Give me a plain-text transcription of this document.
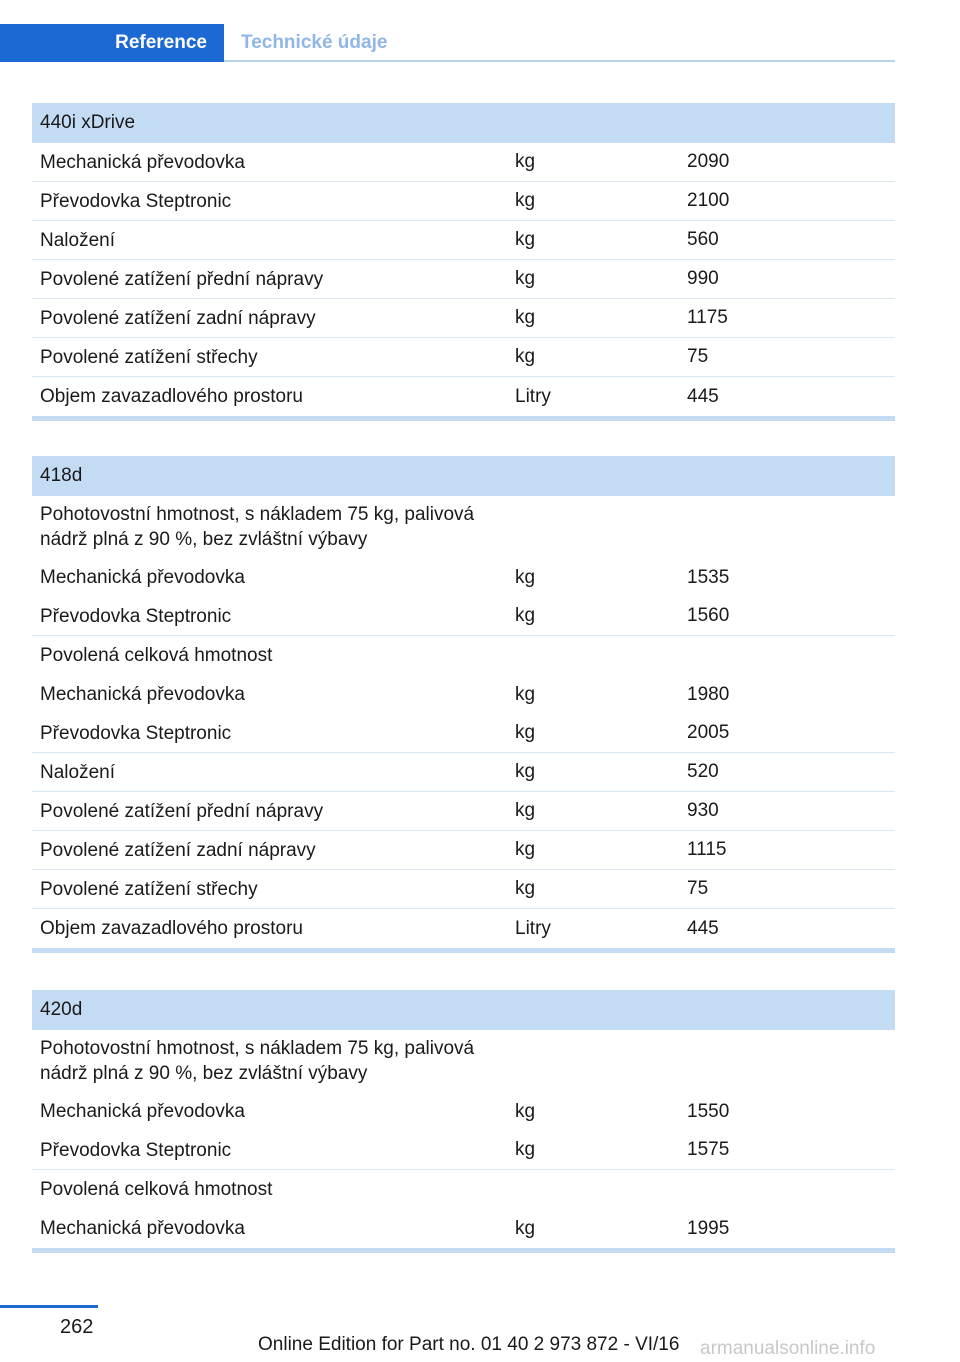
Reference	Technické údaje
440i xDrive
Mechanická převodovka	kg	2090
Převodovka Steptronic	kg	2100
Naložení	kg	560
Povolené zatížení přední nápravy	kg	990
Povolené zatížení zadní nápravy	kg	1175
Povolené zatížení střechy	kg	75
Objem zavazadlového prostoru	Litry	445
418d
Pohotovostní hmotnost, s nákladem 75 kg, palivová nádrž plná z 90 %, bez zvláštní výbavy
Mechanická převodovka	kg	1535
Převodovka Steptronic	kg	1560
Povolená celková hmotnost
Mechanická převodovka	kg	1980
Převodovka Steptronic	kg	2005
Naložení	kg	520
Povolené zatížení přední nápravy	kg	930
Povolené zatížení zadní nápravy	kg	1115
Povolené zatížení střechy	kg	75
Objem zavazadlového prostoru	Litry	445
420d
Pohotovostní hmotnost, s nákladem 75 kg, palivová nádrž plná z 90 %, bez zvláštní výbavy
Mechanická převodovka	kg	1550
Převodovka Steptronic	kg	1575
Povolená celková hmotnost
Mechanická převodovka	kg	1995
262
Online Edition for Part no. 01 40 2 973 872 - VI/16 armanualsonline.info
